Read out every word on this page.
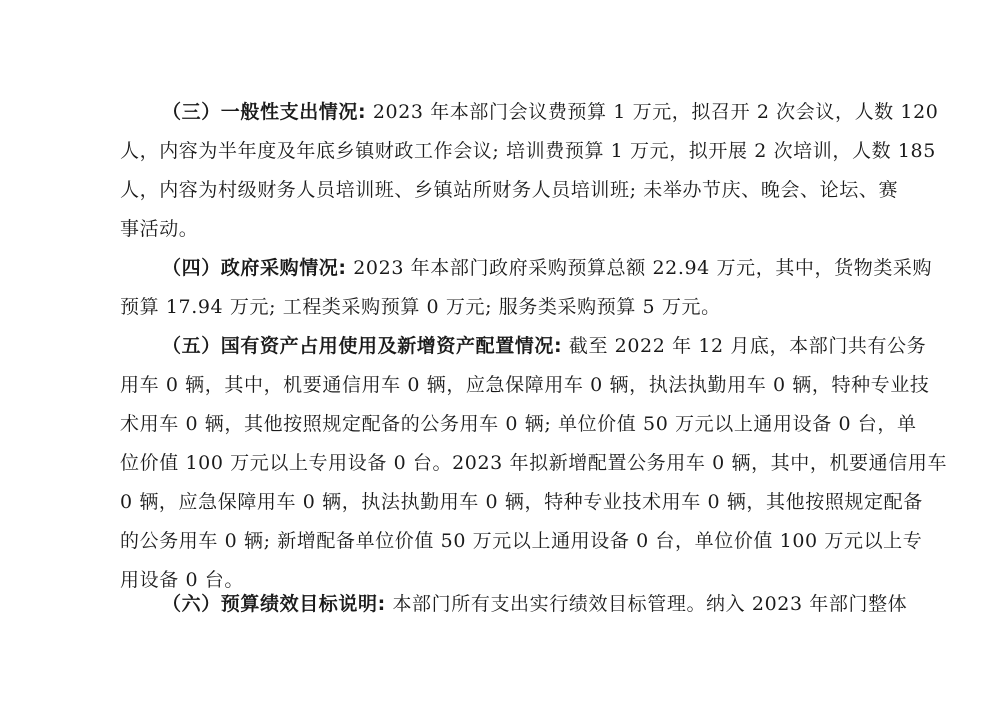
（三）一般性支出情况: 2023 年本部门会议费预算 1 万元，拟召开 2 次会议，人数 120
人，内容为半年度及年底乡镇财政工作会议; 培训费预算 1 万元，拟开展 2 次培训，人数 185
人，内容为村级财务人员培训班、乡镇站所财务人员培训班; 未举办节庆、晚会、论坛、赛
事活动。
（四）政府采购情况: 2023 年本部门政府采购预算总额 22.94 万元，其中，货物类采购
预算 17.94 万元; 工程类采购预算 0 万元; 服务类采购预算 5 万元。
（五）国有资产占用使用及新增资产配置情况: 截至 2022 年 12 月底，本部门共有公务
用车 0 辆，其中，机要通信用车 0 辆，应急保障用车 0 辆，执法执勤用车 0 辆，特种专业技
术用车 0 辆，其他按照规定配备的公务用车 0 辆; 单位价值 50 万元以上通用设备 0 台，单
位价值 100 万元以上专用设备 0 台。2023 年拟新增配置公务用车 0 辆，其中，机要通信用车
0 辆，应急保障用车 0 辆，执法执勤用车 0 辆，特种专业技术用车 0 辆，其他按照规定配备
的公务用车 0 辆; 新增配备单位价值 50 万元以上通用设备 0 台，单位价值 100 万元以上专
用设备 0 台。
（六）预算绩效目标说明: 本部门所有支出实行绩效目标管理。纳入 2023 年部门整体
